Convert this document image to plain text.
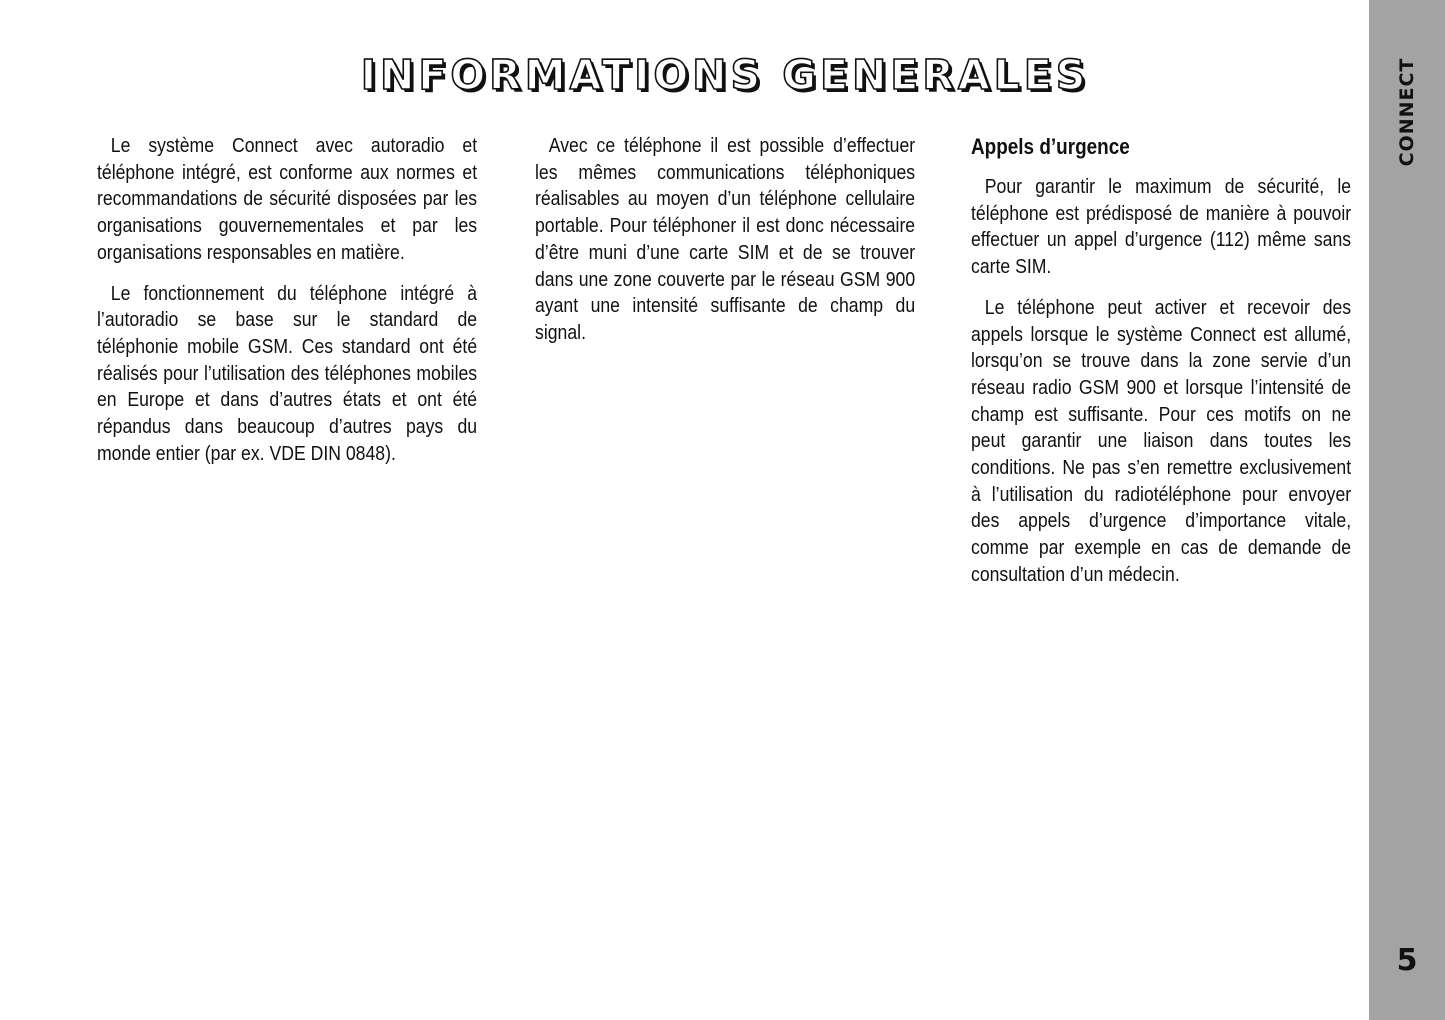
INFORMATIONS GENERALES

Le système Connect avec autoradio et téléphone intégré, est conforme aux normes et recommandations de sécurité disposées par les organisations gouvernementales et par les organisations responsables en matière.

Le fonctionnement du téléphone intégré à l’autoradio se base sur le standard de téléphonie mobile GSM. Ces standard ont été réalisés pour l’utilisation des téléphones mobiles en Europe et dans d’autres états et ont été répandus dans beaucoup d’autres pays du monde entier (par ex. VDE DIN 0848).

Avec ce téléphone il est possible d’effectuer les mêmes communications téléphoniques réalisables au moyen d’un téléphone cellulaire portable. Pour téléphoner il est donc nécessaire d’être muni d’une carte SIM et de se trouver dans une zone couverte par le réseau GSM 900 ayant une intensité suffisante de champ du signal.

Appels d’urgence

Pour garantir le maximum de sécurité, le téléphone est prédisposé de manière à pouvoir effectuer un appel d’urgence (112) même sans carte SIM.

Le téléphone peut activer et recevoir des appels lorsque le système Connect est allumé, lorsqu’on se trouve dans la zone servie d’un réseau radio GSM 900 et lorsque l’intensité de champ est suffisante. Pour ces motifs on ne peut garantir une liaison dans toutes les conditions. Ne pas s’en remettre exclusivement à l’utilisation du radiotéléphone pour envoyer des appels d’urgence d’importance vitale, comme par exemple en cas de demande de consultation d’un médecin.

CONNECT
5
